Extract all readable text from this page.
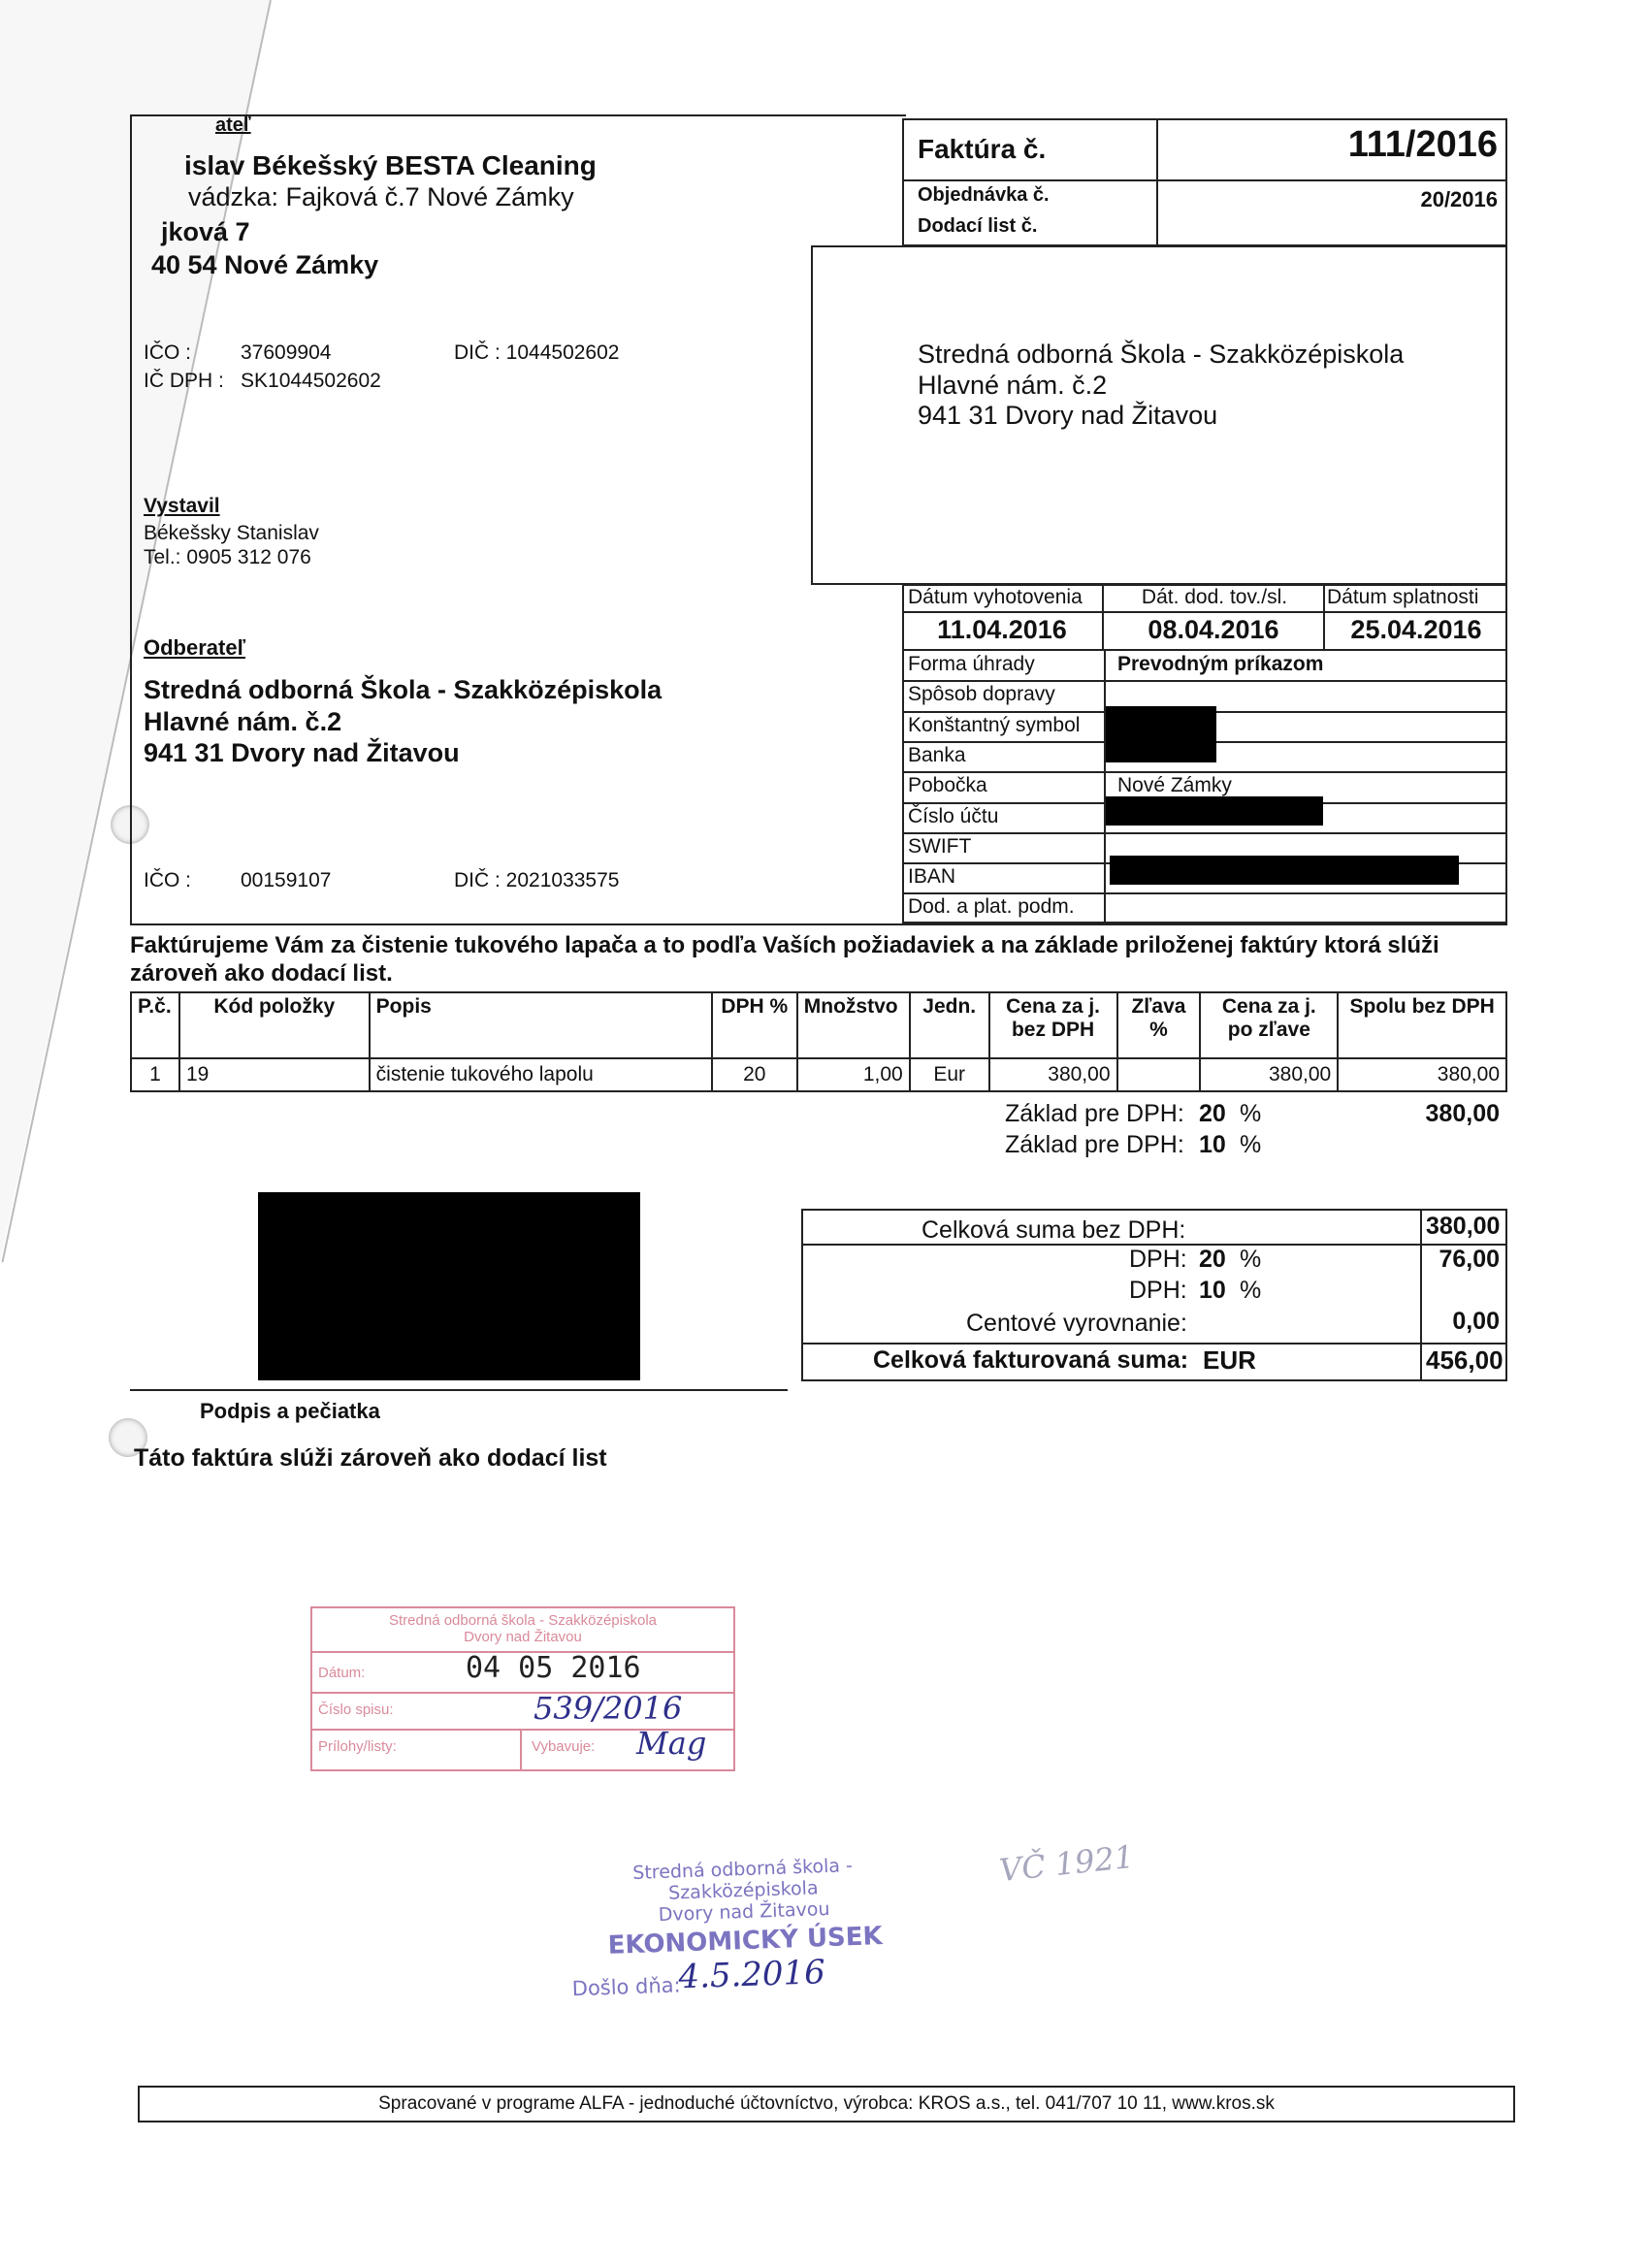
ateľ
islav Békešský BESTA Cleaning
vádzka: Fajková č.7 Nové Zámky
jková 7
40 54 Nové Zámky
IČO : 37609904	DIČ : 1044502602
IČ DPH : SK1044502602
Vystavil
Békešsky Stanislav
Tel.: 0905 312 076
Odberateľ
Stredná odborná Škola - Szakközépiskola
Hlavné nám. č.2
941 31 Dvory nad Žitavou
IČO : 00159107	DIČ : 2021033575
Faktúra č.	111/2016
Objednávka č.	20/2016
Dodací list č.
Stredná odborná Škola - Szakközépiskola
Hlavné nám. č.2
941 31 Dvory nad Žitavou
Dátum vyhotovenia	Dát. dod. tov./sl.	Dátum splatnosti
11.04.2016	08.04.2016	25.04.2016
Forma úhrady	Prevodným príkazom
Spôsob dopravy
Konštantný symbol
Banka
Pobočka	Nové Zámky
Číslo účtu
SWIFT
IBAN
Dod. a plat. podm.
Faktúrujeme Vám za čistenie tukového lapača a to podľa Vaších požiadaviek a na základe priloženej faktúry ktorá slúži zároveň ako dodací list.
P.č.	Kód položky	Popis	DPH %	Množstvo	Jedn.	Cena za j. bez DPH	Zľava %	Cena za j. po zľave	Spolu bez DPH
1	19	čistenie tukového lapolu	20	1,00	Eur	380,00		380,00	380,00
Základ pre DPH: 20 %	380,00
Základ pre DPH: 10 %
Podpis a pečiatka
Táto faktúra slúži zároveň ako dodací list
Celková suma bez DPH:	380,00
DPH: 20 %	76,00
DPH: 10 %
Centové vyrovnanie:	0,00
Celková fakturovaná suma: EUR	456,00
Stredná odborná škola - Szakközépiskola
Dvory nad Žitavou
Dátum:	04 05 2016
Číslo spisu:	539/2016
Prílohy/listy:	Vybavuje: Mag
Stredná odborná škola - Szakközépiskola
Dvory nad Žitavou
EKONOMICKÝ ÚSEK
Došlo dňa:
4.5.2016
VČ 1921
Spracované v programe ALFA - jednoduché účtovníctvo, výrobca: KROS a.s., tel. 041/707 10 11, www.kros.sk
